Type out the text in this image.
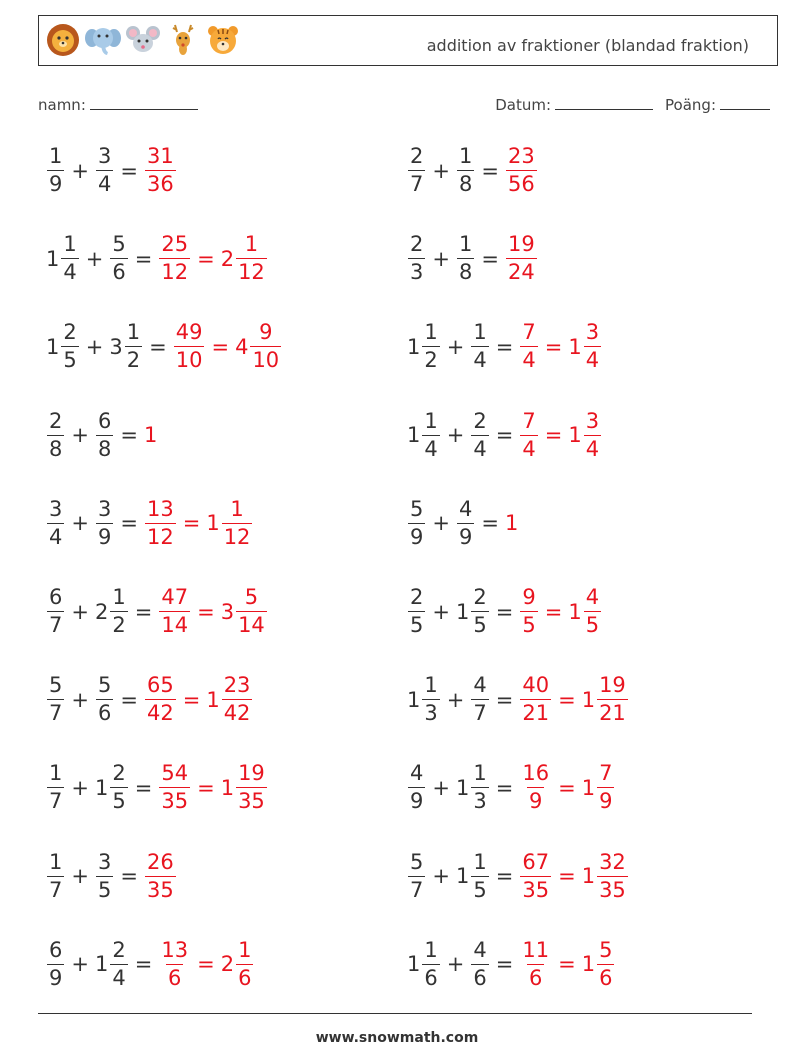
addition av fraktioner (blandad fraktion)
namn:	Datum:	Poäng:
$\frac{1}{9} + \frac{3}{4} = \frac{31}{36}$	$\frac{2}{7} + \frac{1}{8} = \frac{23}{56}$
$1 \frac{1}{4} + \frac{5}{6} = \frac{25}{12} = 2 \frac{1}{12}$	$\frac{2}{3} + \frac{1}{8} = \frac{19}{24}$
$1 \frac{2}{5} + 3 \frac{1}{2} = \frac{49}{10} = 4 \frac{9}{10}$	$1 \frac{1}{2} + \frac{1}{4} = \frac{7}{4} = 1 \frac{3}{4}$
$\frac{2}{8} + \frac{6}{8} = 1$	$1 \frac{1}{4} + \frac{2}{4} = \frac{7}{4} = 1 \frac{3}{4}$
$\frac{3}{4} + \frac{3}{9} = \frac{13}{12} = 1 \frac{1}{12}$	$\frac{5}{9} + \frac{4}{9} = 1$
$\frac{6}{7} + 2 \frac{1}{2} = \frac{47}{14} = 3 \frac{5}{14}$	$\frac{2}{5} + 1 \frac{2}{5} = \frac{9}{5} = 1 \frac{4}{5}$
$\frac{5}{7} + \frac{5}{6} = \frac{65}{42} = 1 \frac{23}{42}$	$1 \frac{1}{3} + \frac{4}{7} = \frac{40}{21} = 1 \frac{19}{21}$
$\frac{1}{7} + 1 \frac{2}{5} = \frac{54}{35} = 1 \frac{19}{35}$	$\frac{4}{9} + 1 \frac{1}{3} = \frac{16}{9} = 1 \frac{7}{9}$
$\frac{1}{7} + \frac{3}{5} = \frac{26}{35}$	$\frac{5}{7} + 1 \frac{1}{5} = \frac{67}{35} = 1 \frac{32}{35}$
$\frac{6}{9} + 1 \frac{2}{4} = \frac{13}{6} = 2 \frac{1}{6}$	$1 \frac{1}{6} + \frac{4}{6} = \frac{11}{6} = 1 \frac{5}{6}$
www.snowmath.com
